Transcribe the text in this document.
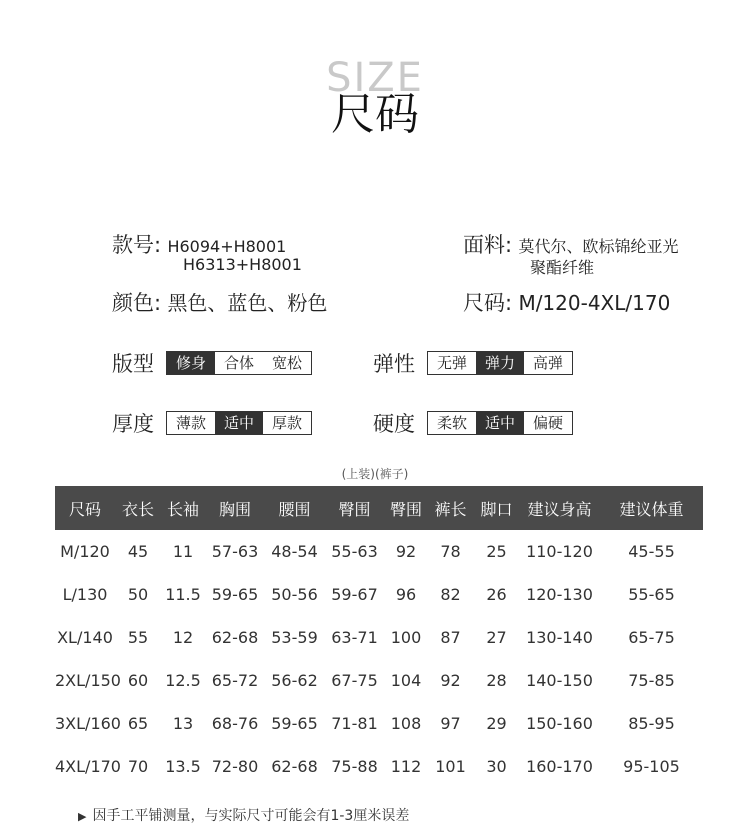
SIZE
尺码
款号: H6094+H8001
H6313+H8001
面料: 莫代尔、欧标锦纶亚光
聚酯纤维
颜色: 黑色、蓝色、粉色	尺码: M/120-4XL/170
版型	修身	合体	宽松	弹性	无弹	弹力	高弹
厚度	薄款	适中	厚款	硬度	柔软	适中	偏硬
(上装)(裤子)
尺码	衣长	长袖	胸围	腰围	臀围	臀围	裤长	脚口	建议身高	建议体重
M/120	45	11	57-63	48-54	55-63	92	78	25	110-120	45-55
L/130	50	11.5	59-65	50-56	59-67	96	82	26	120-130	55-65
XL/140	55	12	62-68	53-59	63-71	100	87	27	130-140	65-75
2XL/150	60	12.5	65-72	56-62	67-75	104	92	28	140-150	75-85
3XL/160	65	13	68-76	59-65	71-81	108	97	29	150-160	85-95
4XL/170	70	13.5	72-80	62-68	75-88	112	101	30	160-170	95-105
▶ 因手工平铺测量，与实际尺寸可能会有1-3厘米误差
